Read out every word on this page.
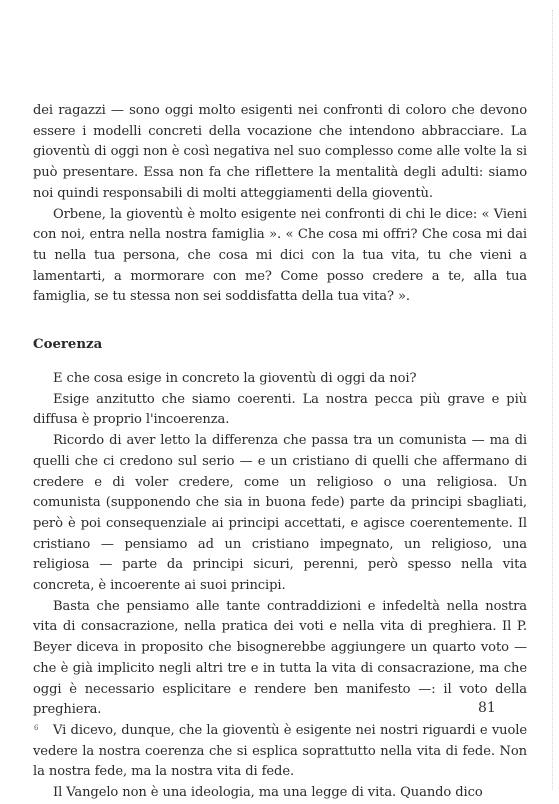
dei ragazzi — sono oggi molto esigenti nei confronti di coloro che devono essere i modelli concreti della vocazione che intendono abbracciare. La gioventù di oggi non è così negativa nel suo complesso come alle volte la si può presentare. Essa non fa che riflettere la mentalità degli adulti: siamo noi quindi responsabili di molti atteggiamenti della gioventù.

Orbene, la gioventù è molto esigente nei confronti di chi le dice: « Vieni con noi, entra nella nostra famiglia ». « Che cosa mi offri? Che cosa mi dai tu nella tua persona, che cosa mi dici con la tua vita, tu che vieni a lamentarti, a mormorare con me? Come posso credere a te, alla tua famiglia, se tu stessa non sei soddisfatta della tua vita? ».

Coerenza

E che cosa esige in concreto la gioventù di oggi da noi?

Esige anzitutto che siamo coerenti. La nostra pecca più grave e più diffusa è proprio l'incoerenza.

Ricordo di aver letto la differenza che passa tra un comunista — ma di quelli che ci credono sul serio — e un cristiano di quelli che affermano di credere e di voler credere, come un religioso o una religiosa. Un comunista (supponendo che sia in buona fede) parte da principi sbagliati, però è poi consequenziale ai principi accettati, e agisce coerentemente. Il cristiano — pensiamo ad un cristiano impegnato, un religioso, una religiosa — parte da principi sicuri, perenni, però spesso nella vita concreta, è incoerente ai suoi principi.

Basta che pensiamo alle tante contraddizioni e infedeltà nella nostra vita di consacrazione, nella pratica dei voti e nella vita di preghiera. Il P. Beyer diceva in proposito che bisognerebbe aggiungere un quarto voto — che è già implicito negli altri tre e in tutta la vita di consacrazione, ma che oggi è necessario esplicitare e rendere ben manifesto —: il voto della preghiera.

Vi dicevo, dunque, che la gioventù è esigente nei nostri riguardi e vuole vedere la nostra coerenza che si esplica soprattutto nella vita di fede. Non la nostra fede, ma la nostra vita di fede.

Il Vangelo non è una ideologia, ma una legge di vita. Quando dico

81
6
